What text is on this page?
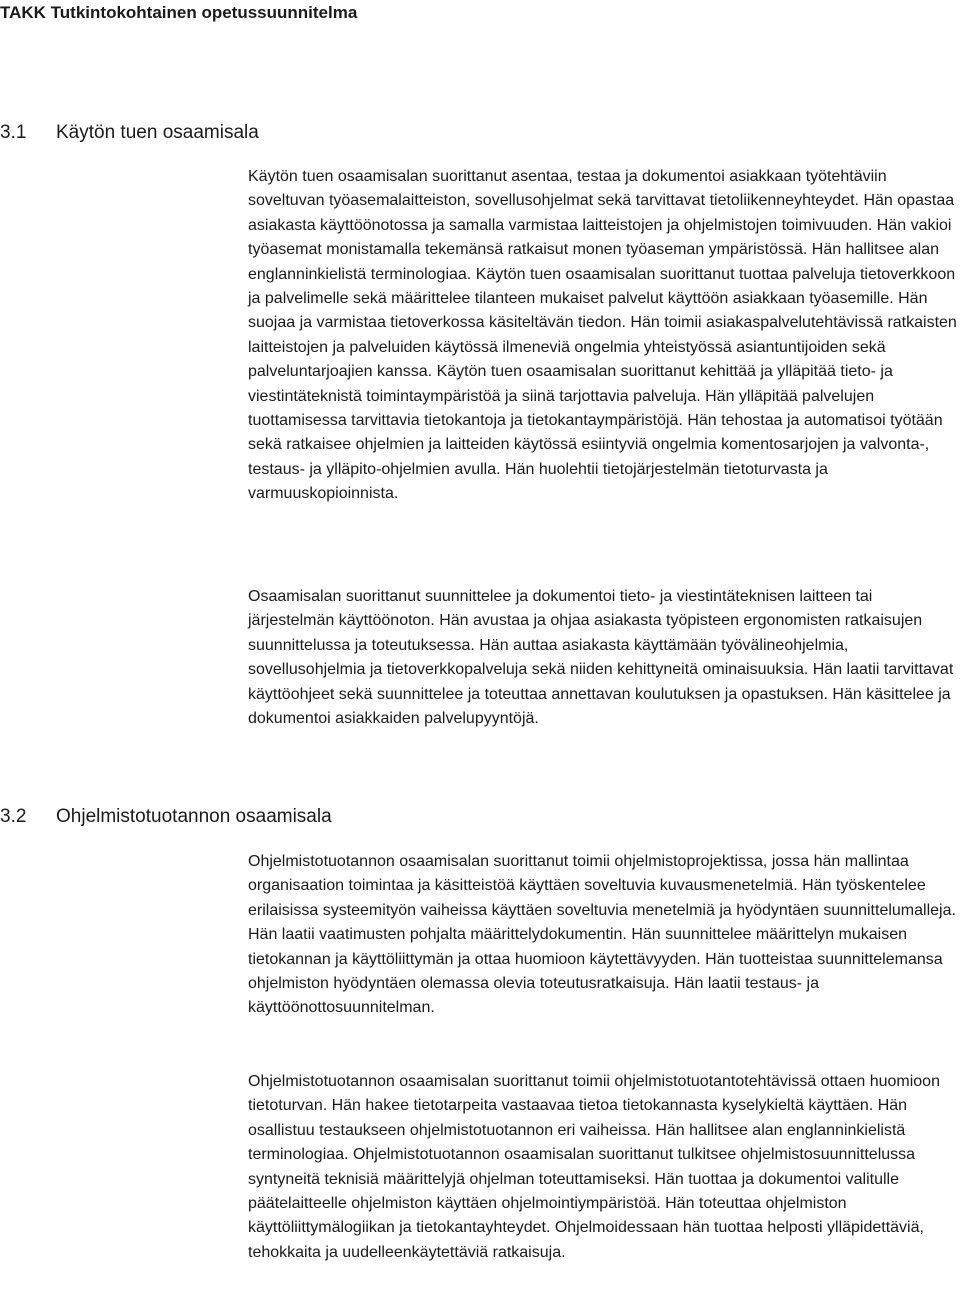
TAKK Tutkintokohtainen opetussuunnitelma
3.1 Käytön tuen osaamisala

Käytön tuen osaamisalan suorittanut asentaa, testaa ja dokumentoi asiakkaan työtehtäviin soveltuvan työasemalaitteiston, sovellusohjelmat sekä tarvittavat tietoliikenneyhteydet. Hän opastaa asiakasta käyttöönotossa ja samalla varmistaa laitteistojen ja ohjelmistojen toimivuuden. Hän vakioi työasemat monistamalla tekemänsä ratkaisut monen työaseman ympäristössä. Hän hallitsee alan englanninkielistä terminologiaa. Käytön tuen osaamisalan suorittanut tuottaa palveluja tietoverkkoon ja palvelimelle sekä määrittelee tilanteen mukaiset palvelut käyttöön asiakkaan työasemille. Hän suojaa ja varmistaa tietoverkossa käsiteltävän tiedon. Hän toimii asiakaspalvelutehtävissä ratkaisten laitteistojen ja palveluiden käytössä ilmeneviä ongelmia yhteistyössä asiantuntijoiden sekä palveluntarjoajien kanssa. Käytön tuen osaamisalan suorittanut kehittää ja ylläpitää tieto- ja viestintäteknistä toimintaympäristöä ja siinä tarjottavia palveluja. Hän ylläpitää palvelujen tuottamisessa tarvittavia tietokantoja ja tietokantaympäristöjä. Hän tehostaa ja automatisoi työtään sekä ratkaisee ohjelmien ja laitteiden käytössä esiintyviä ongelmia komentosarjojen ja valvonta-, testaus- ja ylläpito-ohjelmien avulla. Hän huolehtii tietojärjestelmän tietoturvasta ja varmuuskopioinnista.

Osaamisalan suorittanut suunnittelee ja dokumentoi tieto- ja viestintäteknisen laitteen tai järjestelmän käyttöönoton. Hän avustaa ja ohjaa asiakasta työpisteen ergonomisten ratkaisujen suunnittelussa ja toteutuksessa. Hän auttaa asiakasta käyttämään työvälineohjelmia, sovellusohjelmia ja tietoverkkopalveluja sekä niiden kehittyneitä ominaisuuksia. Hän laatii tarvittavat käyttöohjeet sekä suunnittelee ja toteuttaa annettavan koulutuksen ja opastuksen. Hän käsittelee ja dokumentoi asiakkaiden palvelupyyntöjä.

3.2 Ohjelmistotuotannon osaamisala

Ohjelmistotuotannon osaamisalan suorittanut toimii ohjelmistoprojektissa, jossa hän mallintaa organisaation toimintaa ja käsitteistöä käyttäen soveltuvia kuvausmenetelmiä. Hän työskentelee erilaisissa systeemityön vaiheissa käyttäen soveltuvia menetelmiä ja hyödyntäen suunnittelumalleja. Hän laatii vaatimusten pohjalta määrittelydokumentin. Hän suunnittelee määrittelyn mukaisen tietokannan ja käyttöliittymän ja ottaa huomioon käytettävyyden. Hän tuotteistaa suunnittelemansa ohjelmiston hyödyntäen olemassa olevia toteutusratkaisuja. Hän laatii testaus- ja käyttöönottosuunnitelman.

Ohjelmistotuotannon osaamisalan suorittanut toimii ohjelmistotuotantotehtävissä ottaen huomioon tietoturvan. Hän hakee tietotarpeita vastaavaa tietoa tietokannasta kyselykieltä käyttäen. Hän osallistuu testaukseen ohjelmistotuotannon eri vaiheissa. Hän hallitsee alan englanninkielistä terminologiaa. Ohjelmistotuotannon osaamisalan suorittanut tulkitsee ohjelmistosuunnittelussa syntyneitä teknisiä määrittelyjä ohjelman toteuttamiseksi. Hän tuottaa ja dokumentoi valitulle päätelaitteelle ohjelmiston käyttäen ohjelmointiympäristöä. Hän toteuttaa ohjelmiston käyttöliittymälogiikan ja tietokantayhteydet. Ohjelmoidessaan hän tuottaa helposti ylläpidettäviä, tehokkaita ja uudelleenkäytettäviä ratkaisuja.
